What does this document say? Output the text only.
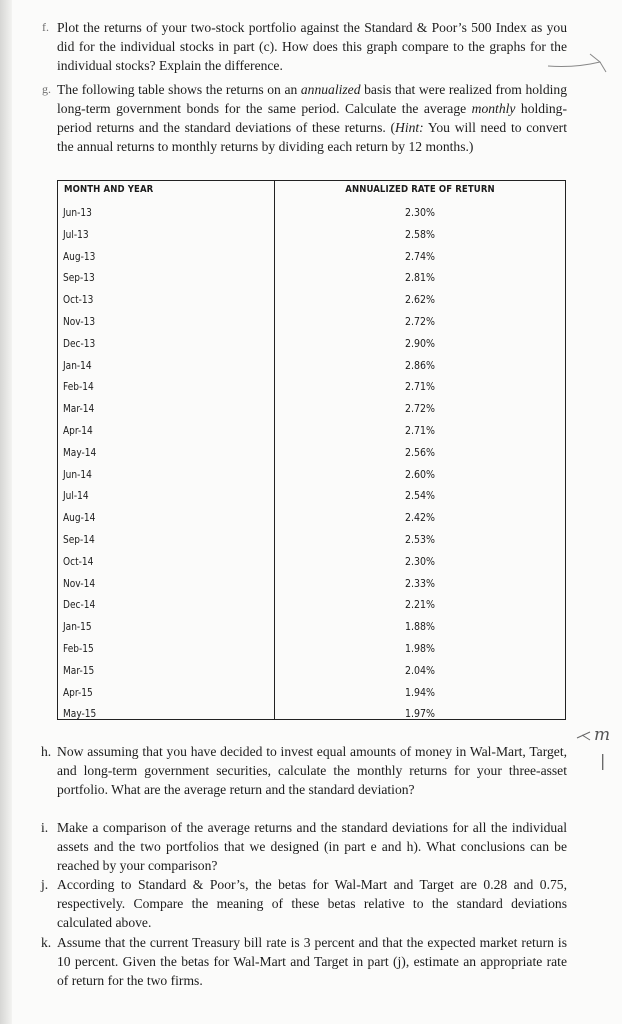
f. Plot the returns of your two-stock portfolio against the Standard & Poor’s 500 Index as you did for the individual stocks in part (c). How does this graph compare to the graphs for the individual stocks? Explain the difference.

g. The following table shows the returns on an annualized basis that were realized from holding long-term government bonds for the same period. Calculate the average monthly holding-period returns and the standard deviations of these returns. (Hint: You will need to convert the annual returns to monthly returns by dividing each return by 12 months.)

MONTH AND YEAR	ANNUALIZED RATE OF RETURN
Jun-13	2.30%
Jul-13	2.58%
Aug-13	2.74%
Sep-13	2.81%
Oct-13	2.62%
Nov-13	2.72%
Dec-13	2.90%
Jan-14	2.86%
Feb-14	2.71%
Mar-14	2.72%
Apr-14	2.71%
May-14	2.56%
Jun-14	2.60%
Jul-14	2.54%
Aug-14	2.42%
Sep-14	2.53%
Oct-14	2.30%
Nov-14	2.33%
Dec-14	2.21%
Jan-15	1.88%
Feb-15	1.98%
Mar-15	2.04%
Apr-15	1.94%
May-15	1.97%
h. Now assuming that you have decided to invest equal amounts of money in Wal-Mart, Target, and long-term government securities, calculate the monthly returns for your three-asset portfolio. What are the average return and the standard deviation?

i. Make a comparison of the average returns and the standard deviations for all the individual assets and the two portfolios that we designed (in part e and h). What conclusions can be reached by your comparison?

j. According to Standard & Poor’s, the betas for Wal-Mart and Target are 0.28 and 0.75, respectively. Compare the meaning of these betas relative to the standard deviations calculated above.

k. Assume that the current Treasury bill rate is 3 percent and that the expected market return is 10 percent. Given the betas for Wal-Mart and Target in part (j), estimate an appropriate rate of return for the two firms.

m
|
